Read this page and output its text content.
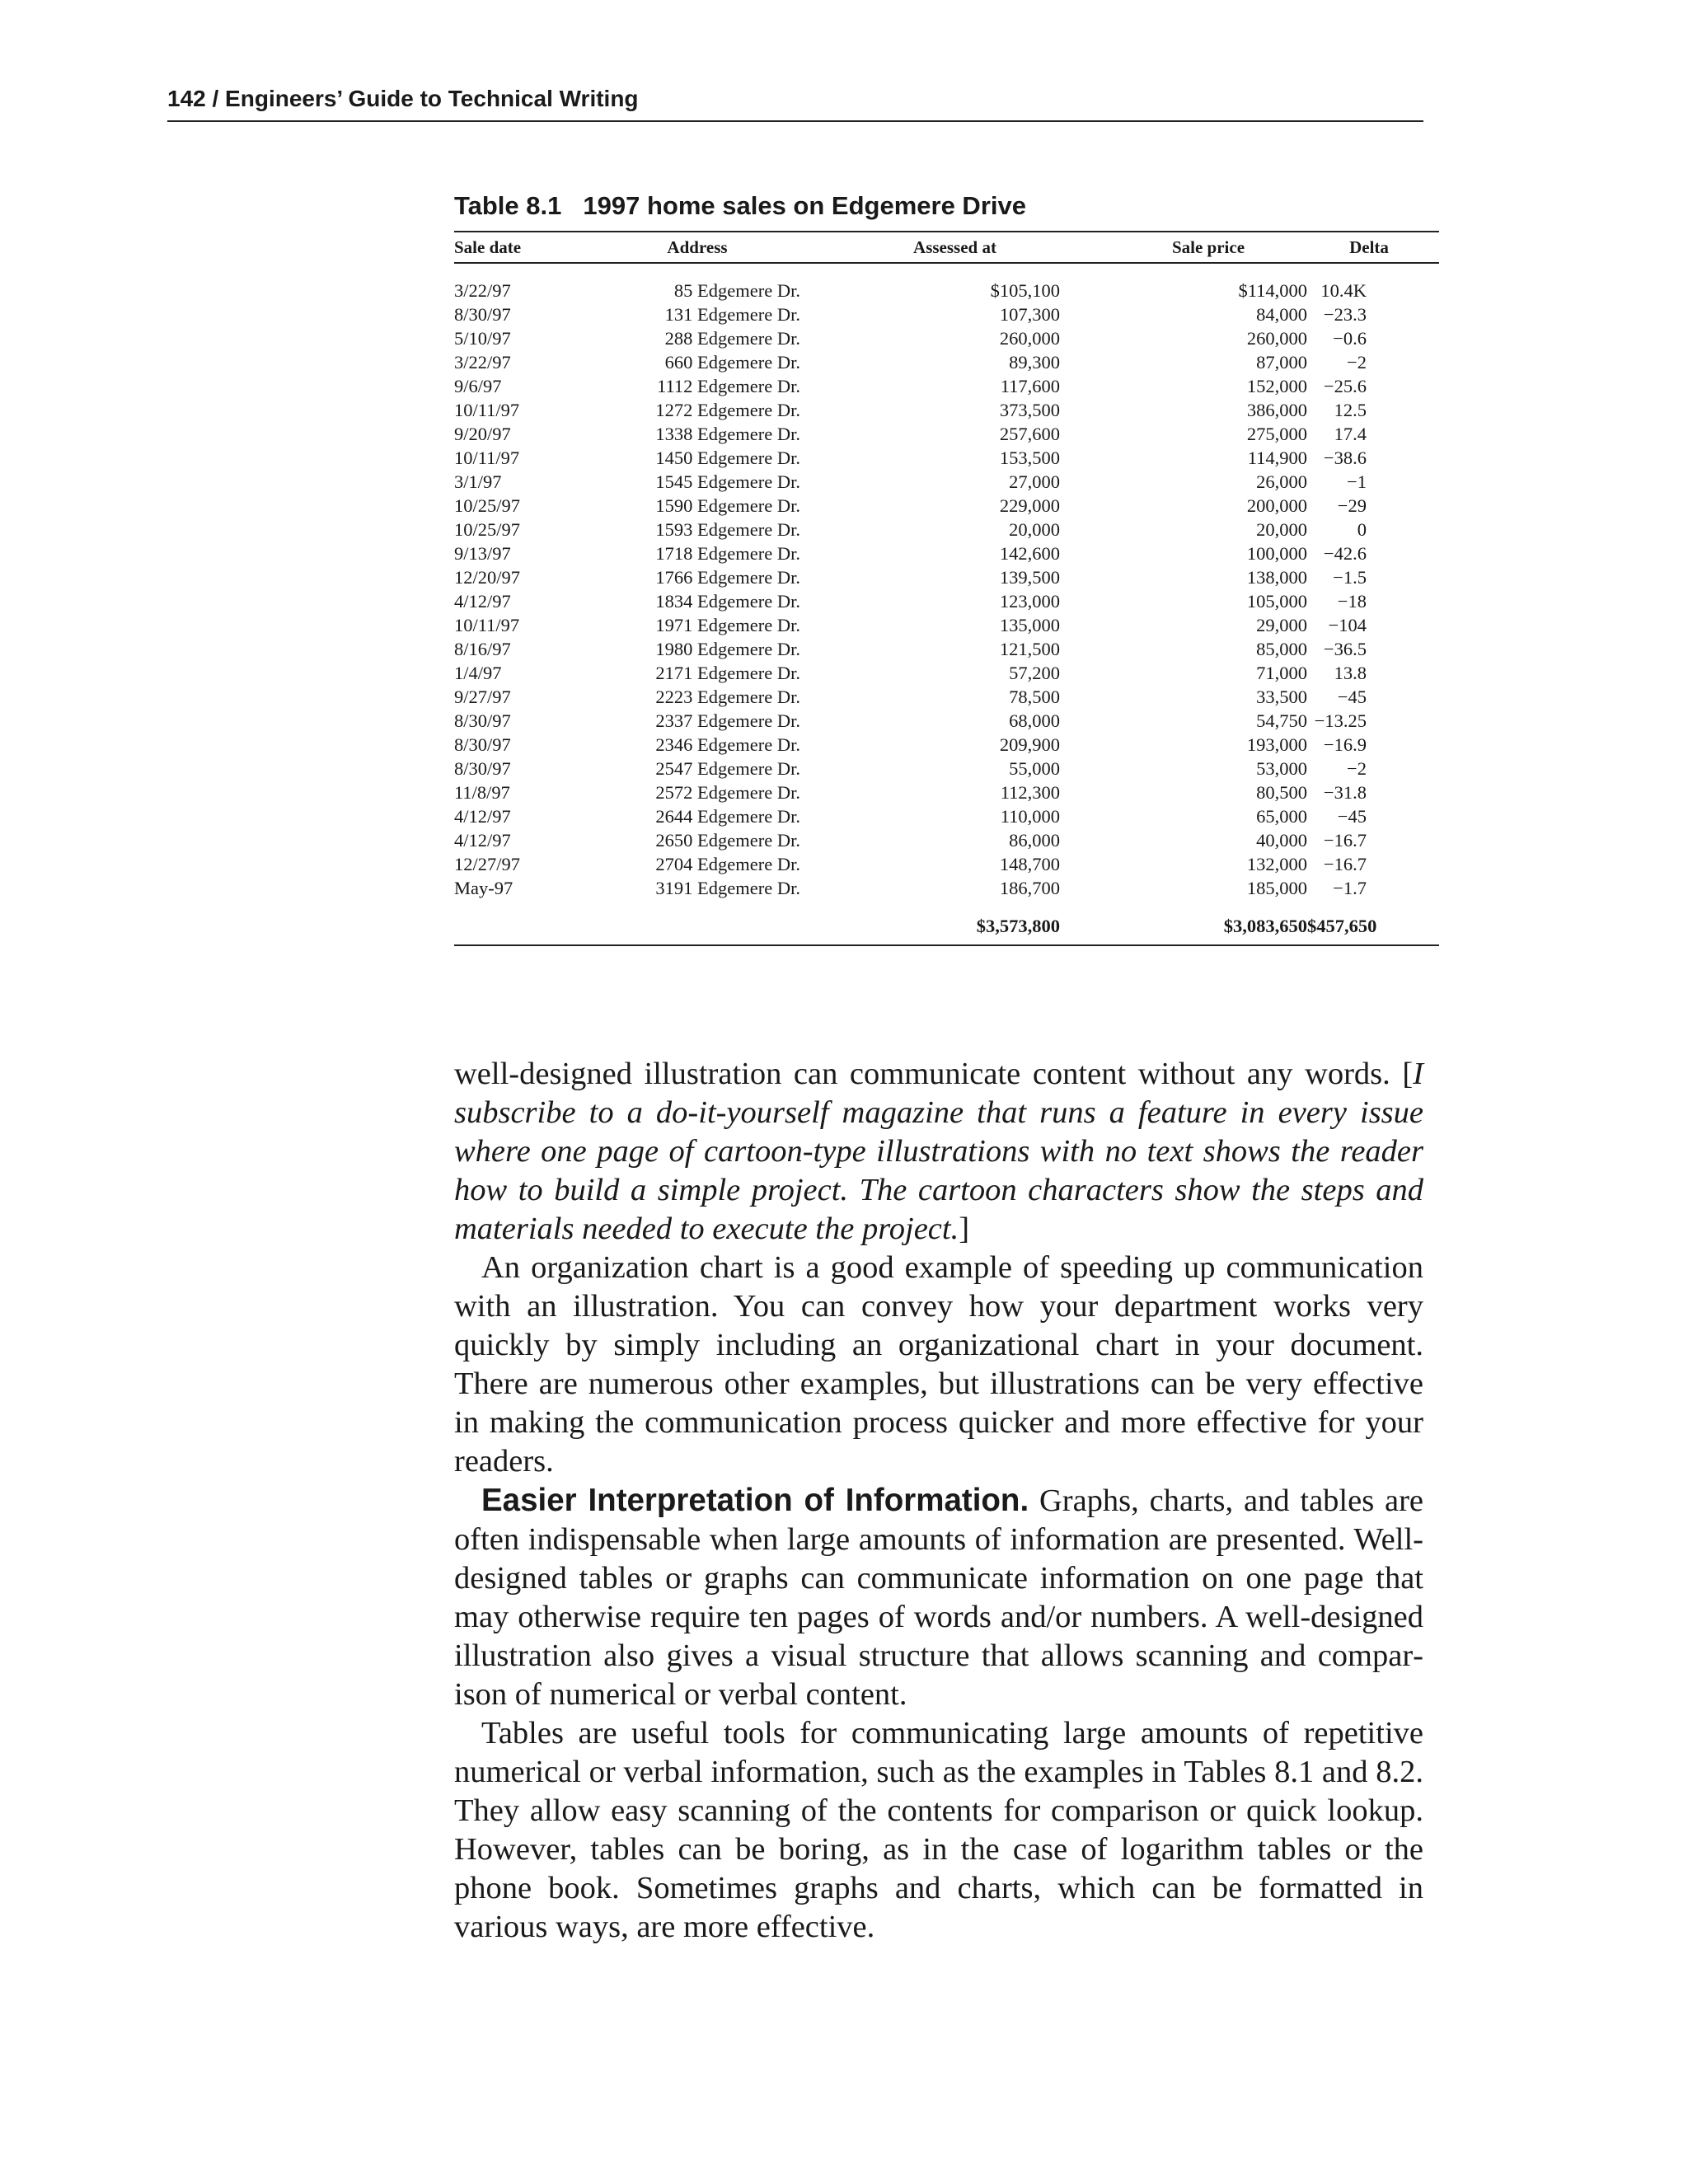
142 / Engineers’ Guide to Technical Writing
Table 8.1 1997 home sales on Edgemere Drive
Sale date	Address	Assessed at	Sale price	Delta
3/22/97	85 Edgemere Dr.	$105,100	$114,000	10.4K
8/30/97	131 Edgemere Dr.	107,300	84,000	−23.3
5/10/97	288 Edgemere Dr.	260,000	260,000	−0.6
3/22/97	660 Edgemere Dr.	89,300	87,000	−2
9/6/97	1112 Edgemere Dr.	117,600	152,000	−25.6
10/11/97	1272 Edgemere Dr.	373,500	386,000	12.5
9/20/97	1338 Edgemere Dr.	257,600	275,000	17.4
10/11/97	1450 Edgemere Dr.	153,500	114,900	−38.6
3/1/97	1545 Edgemere Dr.	27,000	26,000	−1
10/25/97	1590 Edgemere Dr.	229,000	200,000	−29
10/25/97	1593 Edgemere Dr.	20,000	20,000	0
9/13/97	1718 Edgemere Dr.	142,600	100,000	−42.6
12/20/97	1766 Edgemere Dr.	139,500	138,000	−1.5
4/12/97	1834 Edgemere Dr.	123,000	105,000	−18
10/11/97	1971 Edgemere Dr.	135,000	29,000	−104
8/16/97	1980 Edgemere Dr.	121,500	85,000	−36.5
1/4/97	2171 Edgemere Dr.	57,200	71,000	13.8
9/27/97	2223 Edgemere Dr.	78,500	33,500	−45
8/30/97	2337 Edgemere Dr.	68,000	54,750	−13.25
8/30/97	2346 Edgemere Dr.	209,900	193,000	−16.9
8/30/97	2547 Edgemere Dr.	55,000	53,000	−2
11/8/97	2572 Edgemere Dr.	112,300	80,500	−31.8
4/12/97	2644 Edgemere Dr.	110,000	65,000	−45
4/12/97	2650 Edgemere Dr.	86,000	40,000	−16.7
12/27/97	2704 Edgemere Dr.	148,700	132,000	−16.7
May-97	3191 Edgemere Dr.	186,700	185,000	−1.7
		$3,573,800	$3,083,650	$457,650

well-designed illustration can communicate content without any words. [I subscribe to a do-it-yourself magazine that runs a feature in every issue where one page of cartoon-type illustrations with no text shows the reader how to build a simple project. The cartoon characters show the steps and materials needed to execute the project.]

An organization chart is a good example of speeding up communication with an illustration. You can convey how your department works very quickly by simply including an organizational chart in your document. There are numerous other examples, but illustrations can be very effective in making the communication process quicker and more effective for your readers.

Easier Interpretation of Information. Graphs, charts, and tables are often indispensable when large amounts of information are presented. Well-designed tables or graphs can communicate information on one page that may otherwise require ten pages of words and/or numbers. A well-designed illustration also gives a visual structure that allows scanning and comparison of numerical or verbal content.

Tables are useful tools for communicating large amounts of repetitive numerical or verbal information, such as the examples in Tables 8.1 and 8.2. They allow easy scanning of the contents for comparison or quick lookup. However, tables can be boring, as in the case of logarithm tables or the phone book. Sometimes graphs and charts, which can be formatted in various ways, are more effective.
